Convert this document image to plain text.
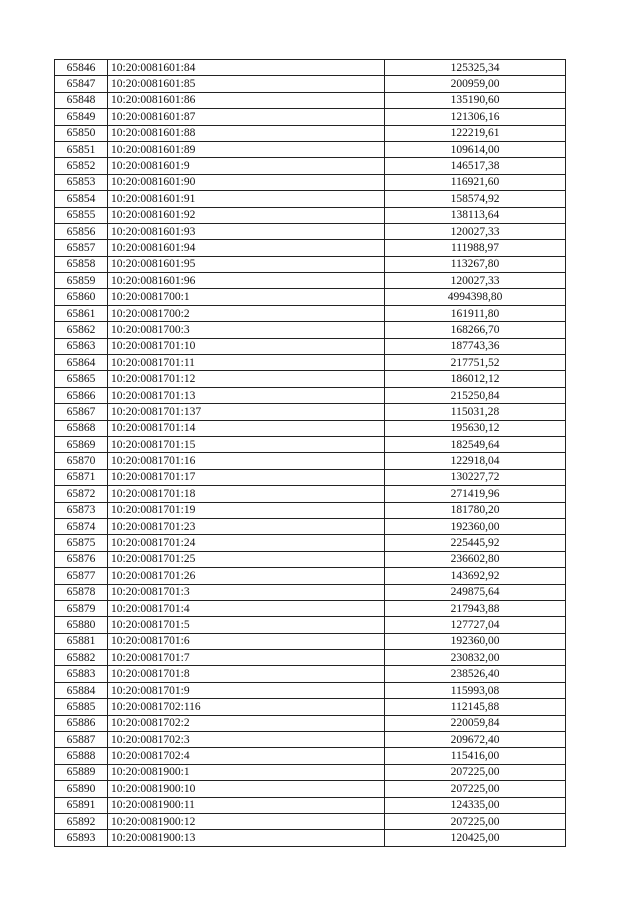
65846	10:20:0081601:84	125325,34
65847	10:20:0081601:85	200959,00
65848	10:20:0081601:86	135190,60
65849	10:20:0081601:87	121306,16
65850	10:20:0081601:88	122219,61
65851	10:20:0081601:89	109614,00
65852	10:20:0081601:9	146517,38
65853	10:20:0081601:90	116921,60
65854	10:20:0081601:91	158574,92
65855	10:20:0081601:92	138113,64
65856	10:20:0081601:93	120027,33
65857	10:20:0081601:94	111988,97
65858	10:20:0081601:95	113267,80
65859	10:20:0081601:96	120027,33
65860	10:20:0081700:1	4994398,80
65861	10:20:0081700:2	161911,80
65862	10:20:0081700:3	168266,70
65863	10:20:0081701:10	187743,36
65864	10:20:0081701:11	217751,52
65865	10:20:0081701:12	186012,12
65866	10:20:0081701:13	215250,84
65867	10:20:0081701:137	115031,28
65868	10:20:0081701:14	195630,12
65869	10:20:0081701:15	182549,64
65870	10:20:0081701:16	122918,04
65871	10:20:0081701:17	130227,72
65872	10:20:0081701:18	271419,96
65873	10:20:0081701:19	181780,20
65874	10:20:0081701:23	192360,00
65875	10:20:0081701:24	225445,92
65876	10:20:0081701:25	236602,80
65877	10:20:0081701:26	143692,92
65878	10:20:0081701:3	249875,64
65879	10:20:0081701:4	217943,88
65880	10:20:0081701:5	127727,04
65881	10:20:0081701:6	192360,00
65882	10:20:0081701:7	230832,00
65883	10:20:0081701:8	238526,40
65884	10:20:0081701:9	115993,08
65885	10:20:0081702:116	112145,88
65886	10:20:0081702:2	220059,84
65887	10:20:0081702:3	209672,40
65888	10:20:0081702:4	115416,00
65889	10:20:0081900:1	207225,00
65890	10:20:0081900:10	207225,00
65891	10:20:0081900:11	124335,00
65892	10:20:0081900:12	207225,00
65893	10:20:0081900:13	120425,00
